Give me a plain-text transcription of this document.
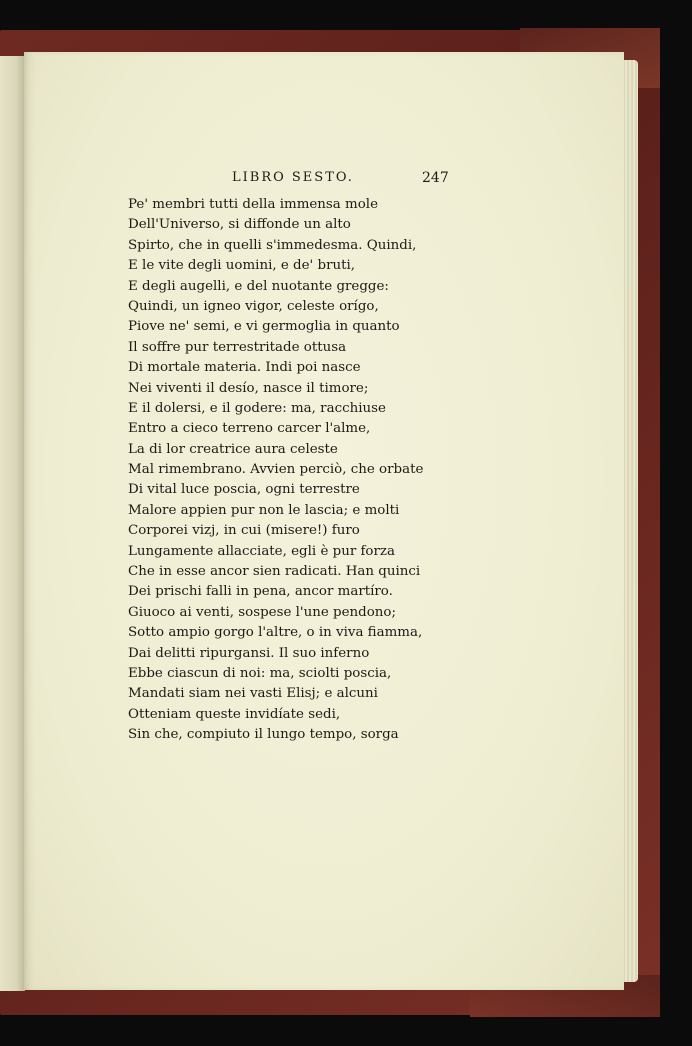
LIBRO SESTO.	247
Pe' membri tutti della immensa mole
Dell'Universo, si diffonde un alto
Spirto, che in quelli s'immedesma. Quindi,
E le vite degli uomini, e de' bruti,
E degli augelli, e del nuotante gregge:
Quindi, un igneo vigor, celeste orígo,
Piove ne' semi, e vi germoglia in quanto
Il soffre pur terrestritade ottusa
Di mortale materia. Indi poi nasce
Nei viventi il desío, nasce il timore;
E il dolersi, e il godere: ma, racchiuse
Entro a cieco terreno carcer l'alme,
La di lor creatrice aura celeste
Mal rimembrano. Avvien perciò, che orbate
Di vital luce poscia, ogni terrestre
Malore appien pur non le lascia; e molti
Corporei vizj, in cui (misere!) furo
Lungamente allacciate, egli è pur forza
Che in esse ancor sien radicati. Han quinci
Dei prischi falli in pena, ancor martíro.
Giuoco ai venti, sospese l'une pendono;
Sotto ampio gorgo l'altre, o in viva fiamma,
Dai delitti ripurgansi. Il suo inferno
Ebbe ciascun di noi: ma, sciolti poscia,
Mandati siam nei vasti Elisj; e alcuni
Otteniam queste invidíate sedi,
Sin che, compiuto il lungo tempo, sorga
